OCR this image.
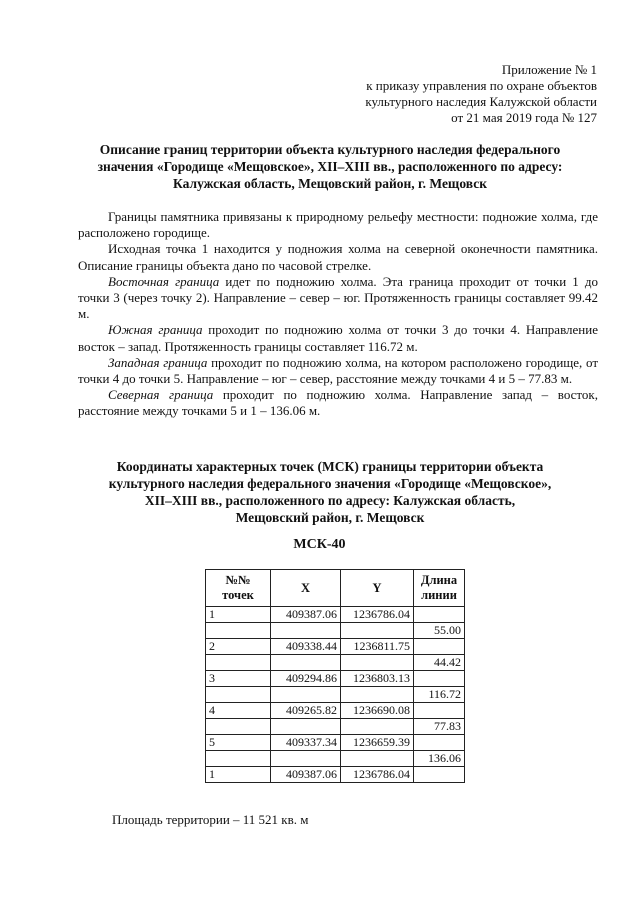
Приложение № 1
к приказу управления по охране объектов
культурного наследия Калужской области
от 21 мая 2019 года № 127
Описание границ территории объекта культурного наследия федерального
значения «Городище «Мещовское», XII–XIII вв., расположенного по адресу:
Калужская область, Мещовский район, г. Мещовск

Границы памятника привязаны к природному рельефу местности: подножие холма, где расположено городище.

Исходная точка 1 находится у подножия холма на северной оконечности памятника. Описание границы объекта дано по часовой стрелке.

Восточная граница идет по подножию холма. Эта граница проходит от точки 1 до точки 3 (через точку 2). Направление – север – юг. Протяженность границы составляет 99.42 м.

Южная граница проходит по подножию холма от точки 3 до точки 4. Направление восток – запад. Протяженность границы составляет 116.72 м.

Западная граница проходит по подножию холма, на котором расположено городище, от точки 4 до точки 5. Направление – юг – север, расстояние между точками 4 и 5 – 77.83 м.

Северная граница проходит по подножию холма. Направление запад – восток, расстояние между точками 5 и 1 – 136.06 м.

Координаты характерных точек (МСК) границы территории объекта
культурного наследия федерального значения «Городище «Мещовское»,
XII–XIII вв., расположенного по адресу: Калужская область,
Мещовский район, г. Мещовск
МСК-40
№№
точек	X	Y	Длина
линии
1	409387.06	1236786.04	
			55.00
2	409338.44	1236811.75	
			44.42
3	409294.86	1236803.13	
			116.72
4	409265.82	1236690.08	
			77.83
5	409337.34	1236659.39	
			136.06
1	409387.06	1236786.04	
Площадь территории – 11 521 кв. м
